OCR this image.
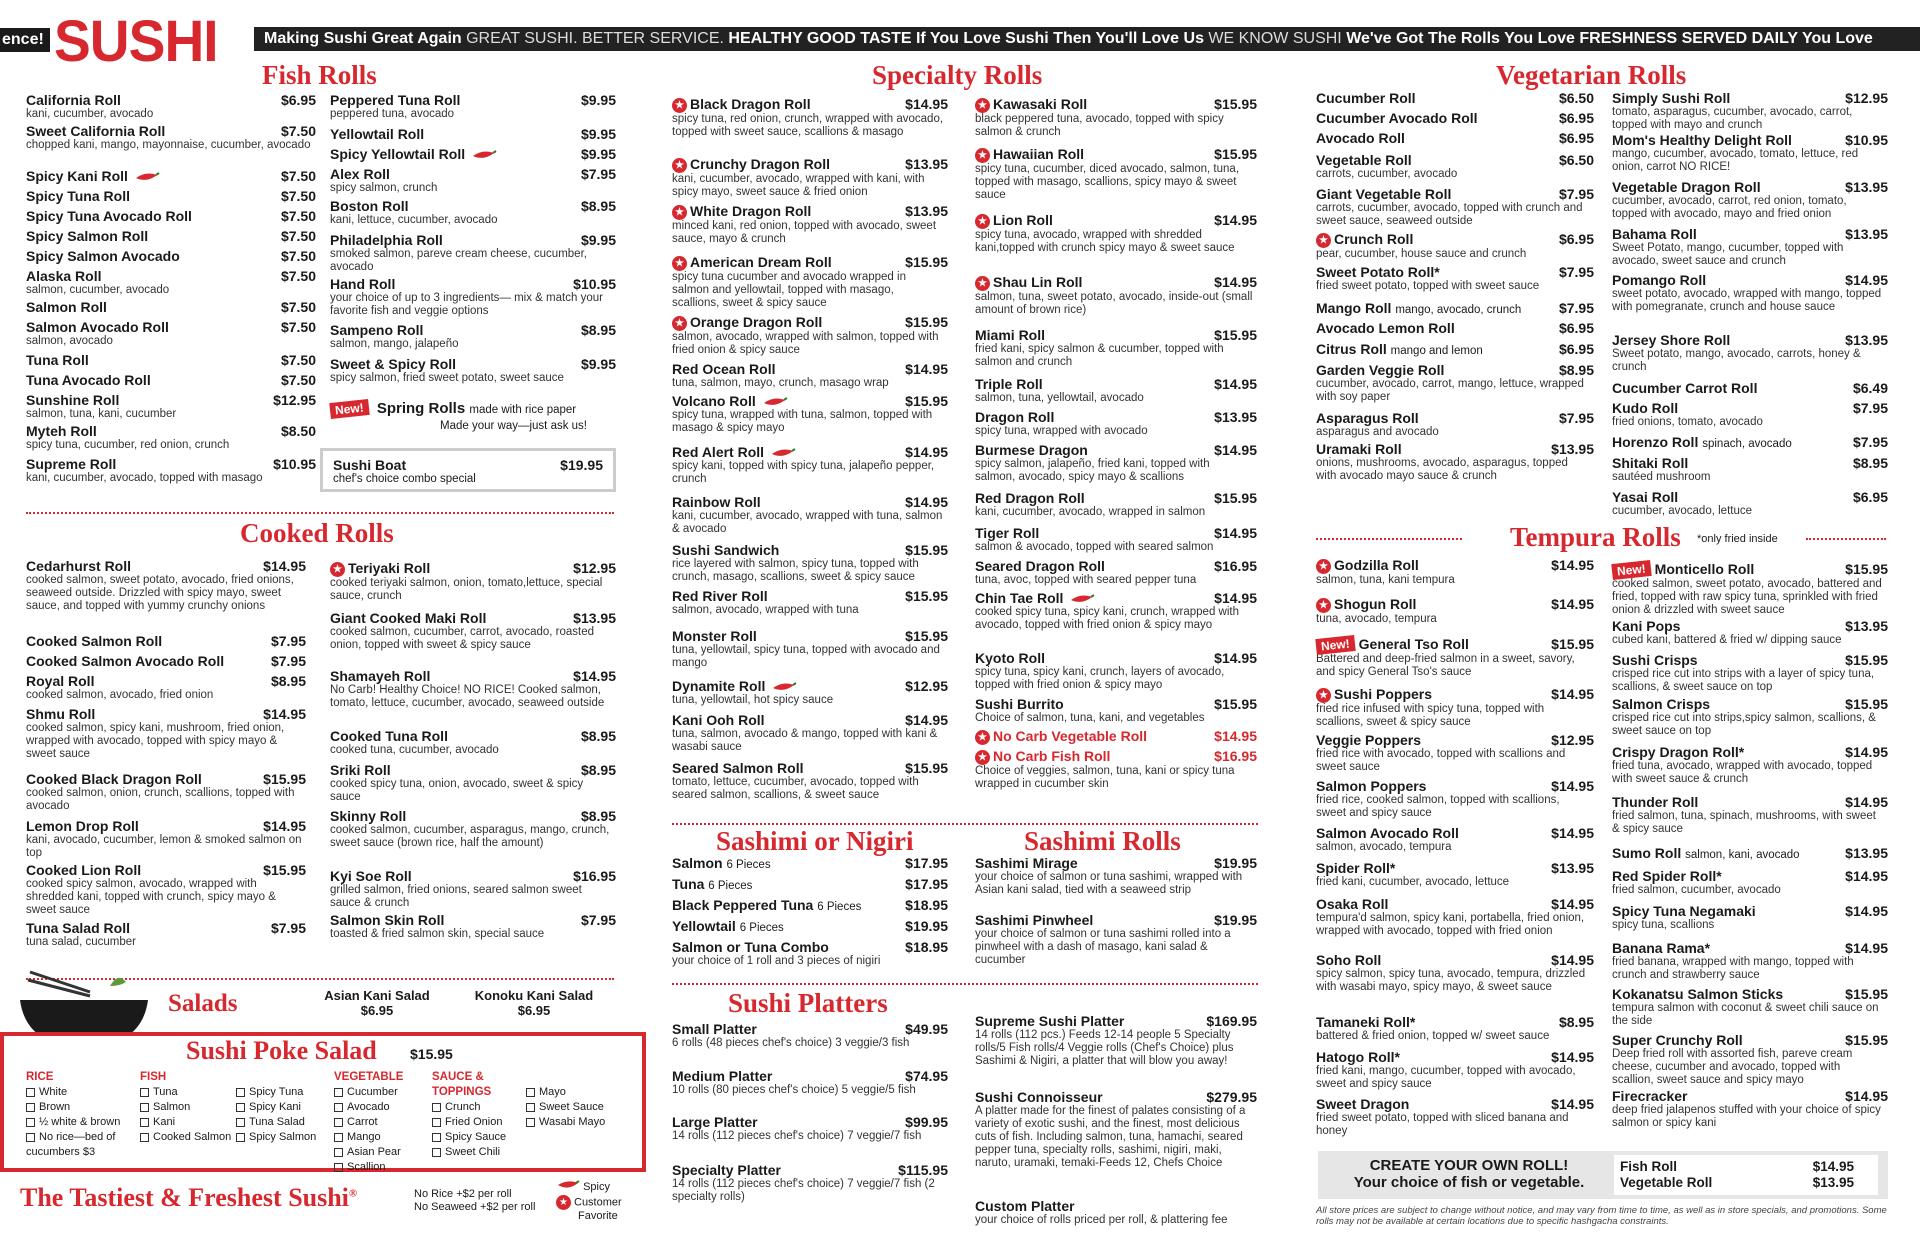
ence! SUSHI	Making Sushi Great Again GREAT SUSHI. BETTER SERVICE. HEALTHY GOOD TASTE If You Love Sushi Then You'll Love Us WE KNOW SUSHI We've Got The Rolls You Love FRESHNESS SERVED DAILY You Love
Fish Rolls
Cooked Rolls
Specialty Rolls
Sashimi or Nigiri	Sashimi Rolls
Sushi Platters
Vegetarian Rolls
Tempura Rolls *only fried inside
Salads
California Roll	$6.95
kani, cucumber, avocado
Sweet California Roll	$7.50
chopped kani, mango, mayonnaise, cucumber, avocado
Spicy Kani Roll	$7.50
Spicy Tuna Roll	$7.50
Spicy Tuna Avocado Roll	$7.50
Spicy Salmon Roll	$7.50
Spicy Salmon Avocado	$7.50
Alaska Roll	$7.50
salmon, cucumber, avocado
Salmon Roll	$7.50
Salmon Avocado Roll	$7.50
salmon, avocado
Tuna Roll	$7.50
Tuna Avocado Roll	$7.50
Sunshine Roll	$12.95
salmon, tuna, kani, cucumber
Myteh Roll	$8.50
spicy tuna, cucumber, red onion, crunch
Supreme Roll	$10.95
kani, cucumber, avocado, topped with masago
Peppered Tuna Roll	$9.95
peppered tuna, avocado
Yellowtail Roll	$9.95
Spicy Yellowtail Roll	$9.95
Alex Roll	$7.95
spicy salmon, crunch
Boston Roll	$8.95
kani, lettuce, cucumber, avocado
Philadelphia Roll	$9.95
smoked salmon, pareve cream cheese, cucumber, avocado
Hand Roll	$10.95
your choice of up to 3 ingredients— mix & match your favorite fish and veggie options
Sampeno Roll	$8.95
salmon, mango, jalapeño
Sweet & Spicy Roll	$9.95
spicy salmon, fried sweet potato, sweet sauce
Cedarhurst Roll	$14.95
cooked salmon, sweet potato, avocado, fried onions, seaweed outside. Drizzled with spicy mayo, sweet sauce, and topped with yummy crunchy onions
Cooked Salmon Roll	$7.95
Cooked Salmon Avocado Roll	$7.95
Royal Roll	$8.95
cooked salmon, avocado, fried onion
Shmu Roll	$14.95
cooked salmon, spicy kani, mushroom, fried onion, wrapped with avocado, topped with spicy mayo & sweet sauce
Cooked Black Dragon Roll	$15.95
cooked salmon, onion, crunch, scallions, topped with avocado
Lemon Drop Roll	$14.95
kani, avocado, cucumber, lemon & smoked salmon on top
Cooked Lion Roll	$15.95
cooked spicy salmon, avocado, wrapped with shredded kani, topped with crunch, spicy mayo & sweet sauce
Tuna Salad Roll	$7.95
tuna salad, cucumber
★ Teriyaki Roll	$12.95
cooked teriyaki salmon, onion, tomato,lettuce, special sauce, crunch
Giant Cooked Maki Roll	$13.95
cooked salmon, cucumber, carrot, avocado, roasted onion, topped with sweet & spicy sauce
Shamayeh Roll	$14.95
No Carb! Healthy Choice! NO RICE! Cooked salmon, tomato, lettuce, cucumber, avocado, seaweed outside
Cooked Tuna Roll	$8.95
cooked tuna, cucumber, avocado
Sriki Roll	$8.95
cooked spicy tuna, onion, avocado, sweet & spicy sauce
Skinny Roll	$8.95
cooked salmon, cucumber, asparagus, mango, crunch, sweet sauce (brown rice, half the amount)
Kyi Soe Roll	$16.95
grilled salmon, fried onions, seared salmon sweet sauce & crunch
Salmon Skin Roll	$7.95
toasted & fried salmon skin, special sauce
★ Black Dragon Roll	$14.95
spicy tuna, red onion, crunch, wrapped with avocado, topped with sweet sauce, scallions & masago
★ Crunchy Dragon Roll	$13.95
kani, cucumber, avocado, wrapped with kani, with spicy mayo, sweet sauce & fried onion
★ White Dragon Roll	$13.95
minced kani, red onion, topped with avocado, sweet sauce, mayo & crunch
★ American Dream Roll	$15.95
spicy tuna cucumber and avocado wrapped in salmon and yellowtail, topped with masago, scallions, sweet & spicy sauce
★ Orange Dragon Roll	$15.95
salmon, avocado, wrapped with salmon, topped with fried onion & spicy sauce
Red Ocean Roll	$14.95
tuna, salmon, mayo, crunch, masago wrap
Volcano Roll	$15.95
spicy tuna, wrapped with tuna, salmon, topped with masago & spicy mayo
Red Alert Roll	$14.95
spicy kani, topped with spicy tuna, jalapeño pepper, crunch
Rainbow Roll	$14.95
kani, cucumber, avocado, wrapped with tuna, salmon & avocado
Sushi Sandwich	$15.95
rice layered with salmon, spicy tuna, topped with crunch, masago, scallions, sweet & spicy sauce
Red River Roll	$15.95
salmon, avocado, wrapped with tuna
Monster Roll	$15.95
tuna, yellowtail, spicy tuna, topped with avocado and mango
Dynamite Roll	$12.95
tuna, yellowtail, hot spicy sauce
Kani Ooh Roll	$14.95
tuna, salmon, avocado & mango, topped with kani & wasabi sauce
Seared Salmon Roll	$15.95
tomato, lettuce, cucumber, avocado, topped with seared salmon, scallions, & sweet sauce
★ Kawasaki Roll	$15.95
black peppered tuna, avocado, topped with spicy salmon & crunch
★ Hawaiian Roll	$15.95
spicy tuna, cucumber, diced avocado, salmon, tuna, topped with masago, scallions, spicy mayo & sweet sauce
★ Lion Roll	$14.95
spicy tuna, avocado, wrapped with shredded kani,topped with crunch spicy mayo & sweet sauce
★ Shau Lin Roll	$14.95
salmon, tuna, sweet potato, avocado, inside-out (small amount of brown rice)
Miami Roll	$15.95
fried kani, spicy salmon & cucumber, topped with salmon and crunch
Triple Roll	$14.95
salmon, tuna, yellowtail, avocado
Dragon Roll	$13.95
spicy tuna, wrapped with avocado
Burmese Dragon	$14.95
spicy salmon, jalapeño, fried kani, topped with salmon, avocado, spicy mayo & scallions
Red Dragon Roll	$15.95
kani, cucumber, avocado, wrapped in salmon
Tiger Roll	$14.95
salmon & avocado, topped with seared salmon
Seared Dragon Roll	$16.95
tuna, avoc, topped with seared pepper tuna
Chin Tae Roll	$14.95
cooked spicy tuna, spicy kani, crunch, wrapped with avocado, topped with fried onion & spicy mayo
Kyoto Roll	$14.95
spicy tuna, spicy kani, crunch, layers of avocado, topped with fried onion & spicy mayo
Sushi Burrito	$15.95
Choice of salmon, tuna, kani, and vegetables
★ No Carb Vegetable Roll	$14.95
★ No Carb Fish Roll	$16.95
Choice of veggies, salmon, tuna, kani or spicy tuna wrapped in cucumber skin
Salmon 6 Pieces	$17.95
Tuna 6 Pieces	$17.95
Black Peppered Tuna 6 Pieces	$18.95
Yellowtail 6 Pieces	$19.95
Salmon or Tuna Combo	$18.95
your choice of 1 roll and 3 pieces of nigiri
Sashimi Mirage	$19.95
your choice of salmon or tuna sashimi, wrapped with Asian kani salad, tied with a seaweed strip
Sashimi Pinwheel	$19.95
your choice of salmon or tuna sashimi rolled into a pinwheel with a dash of masago, kani salad & cucumber
Small Platter	$49.95
6 rolls (48 pieces chef's choice) 3 veggie/3 fish
Medium Platter	$74.95
10 rolls (80 pieces chef's choice) 5 veggie/5 fish
Large Platter	$99.95
14 rolls (112 pieces chef's choice) 7 veggie/7 fish
Specialty Platter	$115.95
14 rolls (112 pieces chef's choice) 7 veggie/7 fish (2 specialty rolls)
Supreme Sushi Platter	$169.95
14 rolls (112 pcs.) Feeds 12-14 people 5 Specialty rolls/5 Fish rolls/4 Veggie rolls (Chef's Choice) plus Sashimi & Nigiri, a platter that will blow you away!
Sushi Connoisseur	$279.95
A platter made for the finest of palates consisting of a variety of exotic sushi, and the finest, most delicious cuts of fish. Including salmon, tuna, hamachi, seared pepper tuna, specialty rolls, sashimi, nigiri, maki, naruto, uramaki, temaki-Feeds 12, Chefs Choice
Custom Platter
your choice of rolls priced per roll, & plattering fee
Cucumber Roll	$6.50
Cucumber Avocado Roll	$6.95
Avocado Roll	$6.95
Vegetable Roll	$6.50
carrots, cucumber, avocado
Giant Vegetable Roll	$7.95
carrots, cucumber, avocado, topped with crunch and sweet sauce, seaweed outside
★ Crunch Roll	$6.95
pear, cucumber, house sauce and crunch
Sweet Potato Roll*	$7.95
fried sweet potato, topped with sweet sauce
Mango Roll mango, avocado, crunch	$7.95
Avocado Lemon Roll	$6.95
Citrus Roll mango and lemon	$6.95
Garden Veggie Roll	$8.95
cucumber, avocado, carrot, mango, lettuce, wrapped with soy paper
Asparagus Roll	$7.95
asparagus and avocado
Uramaki Roll	$13.95
onions, mushrooms, avocado, asparagus, topped with avocado mayo sauce & crunch
Simply Sushi Roll	$12.95
tomato, asparagus, cucumber, avocado, carrot, topped with mayo and crunch
Mom's Healthy Delight Roll	$10.95
mango, cucumber, avocado, tomato, lettuce, red onion, carrot NO RICE!
Vegetable Dragon Roll	$13.95
cucumber, avocado, carrot, red onion, tomato, topped with avocado, mayo and fried onion
Bahama Roll	$13.95
Sweet Potato, mango, cucumber, topped with avocado, sweet sauce and crunch
Pomango Roll	$14.95
sweet potato, avocado, wrapped with mango, topped with pomegranate, crunch and house sauce
Jersey Shore Roll	$13.95
Sweet potato, mango, avocado, carrots, honey & crunch
Cucumber Carrot Roll	$6.49
Kudo Roll	$7.95
fried onions, tomato, avocado
Horenzo Roll spinach, avocado	$7.95
Shitaki Roll	$8.95
sautéed mushroom
Yasai Roll	$6.95
cucumber, avocado, lettuce
★ Godzilla Roll	$14.95
salmon, tuna, kani tempura
★ Shogun Roll	$14.95
tuna, avocado, tempura
New! General Tso Roll	$15.95
Battered and deep-fried salmon in a sweet, savory, and spicy General Tso's sauce
★ Sushi Poppers	$14.95
fried rice infused with spicy tuna, topped with scallions, sweet & spicy sauce
Veggie Poppers	$12.95
fried rice with avocado, topped with scallions and sweet sauce
Salmon Poppers	$14.95
fried rice, cooked salmon, topped with scallions, sweet and spicy sauce
Salmon Avocado Roll	$14.95
salmon, avocado, tempura
Spider Roll*	$13.95
fried kani, cucumber, avocado, lettuce
Osaka Roll	$14.95
tempura'd salmon, spicy kani, portabella, fried onion, wrapped with avocado, topped with fried onion
Soho Roll	$14.95
spicy salmon, spicy tuna, avocado, tempura, drizzled with wasabi mayo, spicy mayo, & sweet sauce
Tamaneki Roll*	$8.95
battered & fried onion, topped w/ sweet sauce
Hatogo Roll*	$14.95
fried kani, mango, cucumber, topped with avocado, sweet and spicy sauce
Sweet Dragon	$14.95
fried sweet potato, topped with sliced banana and honey
New! Monticello Roll	$15.95
cooked salmon, sweet potato, avocado, battered and fried, topped with raw spicy tuna, sprinkled with fried onion & drizzled with sweet sauce
Kani Pops	$13.95
cubed kani, battered & fried w/ dipping sauce
Sushi Crisps	$15.95
crisped rice cut into strips with a layer of spicy tuna, scallions, & sweet sauce on top
Salmon Crisps	$15.95
crisped rice cut into strips,spicy salmon, scallions, & sweet sauce on top
Crispy Dragon Roll*	$14.95
fried tuna, avocado, wrapped with avocado, topped with sweet sauce & crunch
Thunder Roll	$14.95
fried salmon, tuna, spinach, mushrooms, with sweet & spicy sauce
Sumo Roll salmon, kani, avocado	$13.95
Red Spider Roll*	$14.95
fried salmon, cucumber, avocado
Spicy Tuna Negamaki	$14.95
spicy tuna, scallions
Banana Rama*	$14.95
fried banana, wrapped with mango, topped with crunch and strawberry sauce
Kokanatsu Salmon Sticks	$15.95
tempura salmon with coconut & sweet chili sauce on the side
Super Crunchy Roll	$15.95
Deep fried roll with assorted fish, pareve cream cheese, cucumber and avocado, topped with scallion, sweet sauce and spicy mayo
Firecracker	$14.95
deep fried jalapenos stuffed with your choice of spicy salmon or spicy kani
New! Spring Rolls made with rice paper
Made your way—just ask us!
Sushi Boat	$19.95
chef's choice combo special
Asian Kani Salad
$6.95
Konoku Kani Salad
$6.95
Sushi Poke Salad $15.95
RICE
White
Brown
½ white & brown
No rice—bed of cucumbers $3
FISH
Tuna
Salmon
Kani
Cooked Salmon
Spicy Tuna
Spicy Kani
Tuna Salad
Spicy Salmon
VEGETABLE
Cucumber
Avocado
Carrot
Mango
Asian Pear
Scallion
SAUCE & TOPPINGS
Crunch
Fried Onion
Spicy Sauce
Sweet Chili
Mayo
Sweet Sauce
Wasabi Mayo
The Tastiest & Freshest Sushi®	No Rice +$2 per roll
No Seaweed +$2 per roll
Spicy
★ Customer
Favorite
CREATE YOUR OWN ROLL!
Your choice of fish or vegetable.
Fish Roll	$14.95
Vegetable Roll	$13.95
All store prices are subject to change without notice, and may vary from time to time, as well as in store specials, and promotions. Some rolls may not be available at certain locations due to specific hashgacha constraints.
